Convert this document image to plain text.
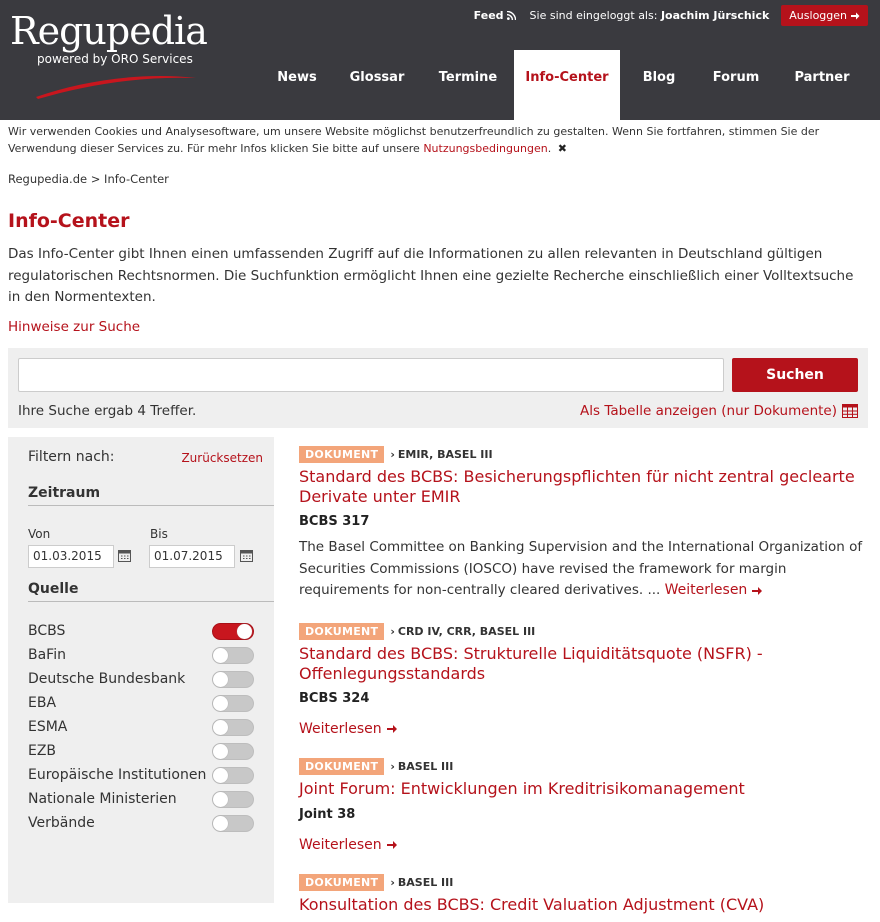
Regupedia
powered by ORO Services
Feed Sie sind eingeloggt als: Joachim Jürschick Ausloggen
News	Glossar	Termine	Info-Center	Blog	Forum	Partner
Wir verwenden Cookies und Analysesoftware, um unsere Website möglichst benutzerfreundlich zu gestalten. Wenn Sie fortfahren, stimmen Sie der Verwendung dieser Services zu. Für mehr Infos klicken Sie bitte auf unsere Nutzungsbedingungen. ✖
Regupedia.de > Info-Center
Info-Center

Das Info-Center gibt Ihnen einen umfassenden Zugriff auf die Informationen zu allen relevanten in Deutschland gültigen regulatorischen Rechtsnormen. Die Suchfunktion ermöglicht Ihnen eine gezielte Recherche einschließlich einer Volltextsuche in den Normentexten.

Hinweise zur Suche
Suchen
Ihre Suche ergab 4 Treffer.	Als Tabelle anzeigen (nur Dokumente)
Filtern nach:	Zurücksetzen
Zeitraum
Von	Bis
01.03.2015	01.07.2015
Quelle
BCBS
BaFin
Deutsche Bundesbank
EBA
ESMA
EZB
Europäische Institutionen
Nationale Ministerien
Verbände
DOKUMENT	› EMIR, BASEL III
Standard des BCBS: Besicherungspflichten für nicht zentral geclearte Derivate unter EMIR
BCBS 317
The Basel Committee on Banking Supervision and the International Organization of Securities Commissions (IOSCO) have revised the framework for margin requirements for non-centrally cleared derivatives. ... Weiterlesen
DOKUMENT	› CRD IV, CRR, BASEL III
Standard des BCBS: Strukturelle Liquiditätsquote (NSFR) - Offenlegungsstandards
BCBS 324
Weiterlesen
DOKUMENT	› BASEL III
Joint Forum: Entwicklungen im Kreditrisikomanagement
Joint 38
Weiterlesen
DOKUMENT	› BASEL III
Konsultation des BCBS: Credit Valuation Adjustment (CVA)
